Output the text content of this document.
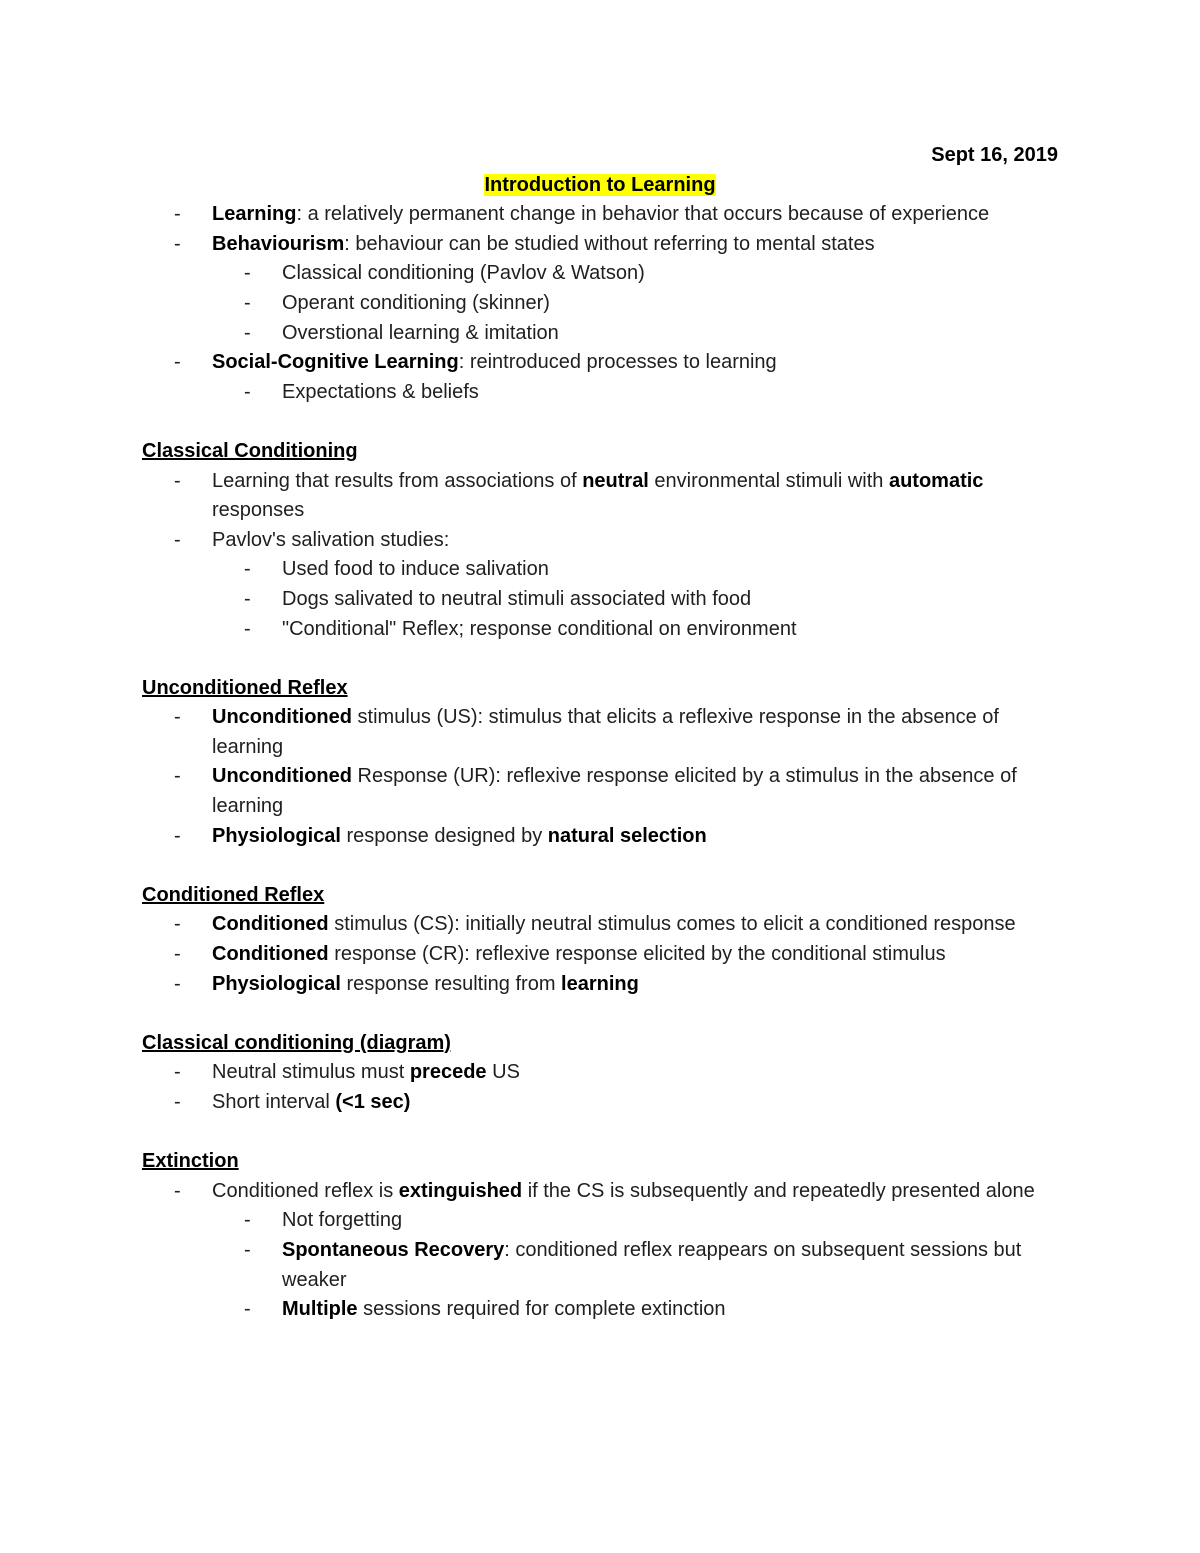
Sept 16, 2019
Introduction to Learning
- Learning: a relatively permanent change in behavior that occurs because of experience
- Behaviourism: behaviour can be studied without referring to mental states
- Classical conditioning (Pavlov & Watson)
- Operant conditioning (skinner)
- Overstional learning & imitation
- Social-Cognitive Learning: reintroduced processes to learning
- Expectations & beliefs
Classical Conditioning
- Learning that results from associations of neutral environmental stimuli with automatic responses
- Pavlov's salivation studies:
- Used food to induce salivation
- Dogs salivated to neutral stimuli associated with food
- "Conditional" Reflex; response conditional on environment
Unconditioned Reflex
- Unconditioned stimulus (US): stimulus that elicits a reflexive response in the absence of learning
- Unconditioned Response (UR): reflexive response elicited by a stimulus in the absence of learning
- Physiological response designed by natural selection
Conditioned Reflex
- Conditioned stimulus (CS): initially neutral stimulus comes to elicit a conditioned response
- Conditioned response (CR): reflexive response elicited by the conditional stimulus
- Physiological response resulting from learning
Classical conditioning (diagram)
- Neutral stimulus must precede US
- Short interval (<1 sec)
Extinction
- Conditioned reflex is extinguished if the CS is subsequently and repeatedly presented alone
- Not forgetting
- Spontaneous Recovery: conditioned reflex reappears on subsequent sessions but weaker
- Multiple sessions required for complete extinction
